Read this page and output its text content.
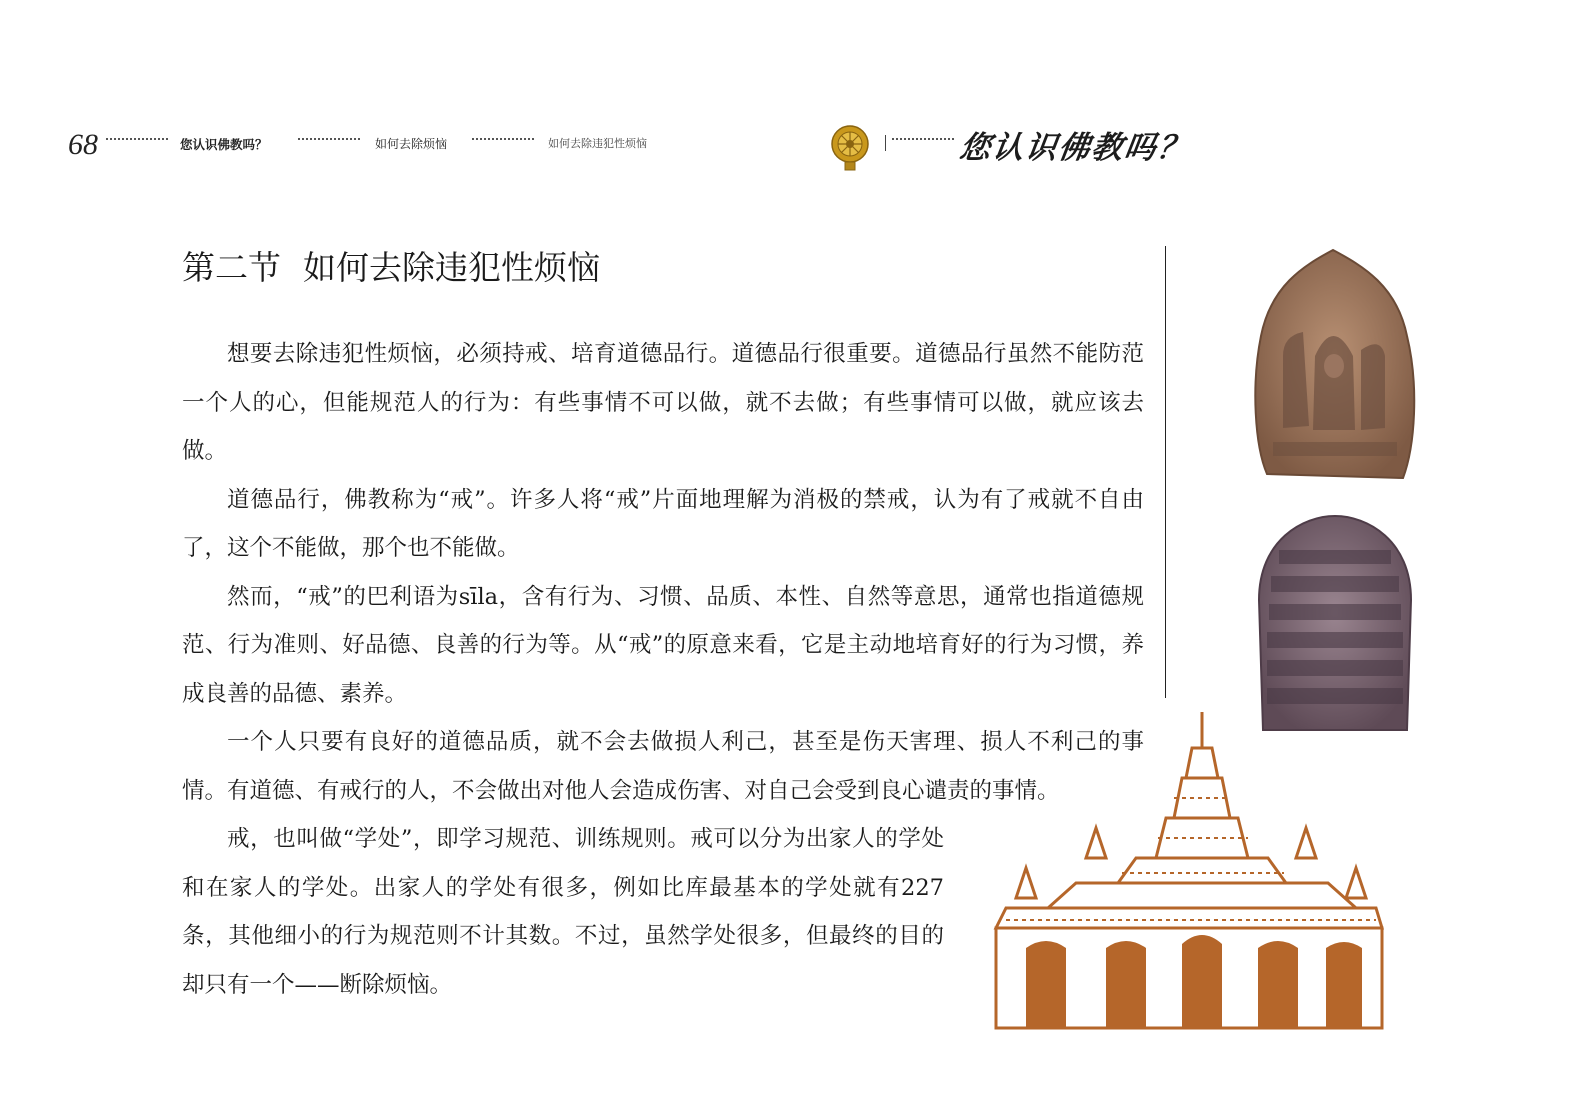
68	您认识佛教吗？	如何去除烦恼	如何去除违犯性烦恼	您认识佛教吗？
第二节 如何去除违犯性烦恼

想要去除违犯性烦恼，必须持戒、培育道德品行。道德品行很重要。道德品行虽然不能防范一个人的心，但能规范人的行为：有些事情不可以做，就不去做；有些事情可以做，就应该去做。

道德品行，佛教称为“戒”。许多人将“戒”片面地理解为消极的禁戒，认为有了戒就不自由了，这个不能做，那个也不能做。

然而，“戒”的巴利语为sīla，含有行为、习惯、品质、本性、自然等意思，通常也指道德规范、行为准则、好品德、良善的行为等。从“戒”的原意来看，它是主动地培育好的行为习惯，养成良善的品德、素养。

一个人只要有良好的道德品质，就不会去做损人利己，甚至是伤天害理、损人不利己的事情。有道德、有戒行的人，不会做出对他人会造成伤害、对自己会受到良心谴责的事情。

戒，也叫做“学处”，即学习规范、训练规则。戒可以分为出家人的学处和在家人的学处。出家人的学处有很多，例如比库最基本的学处就有227条，其他细小的行为规范则不计其数。不过，虽然学处很多，但最终的目的却只有一个——断除烦恼。
